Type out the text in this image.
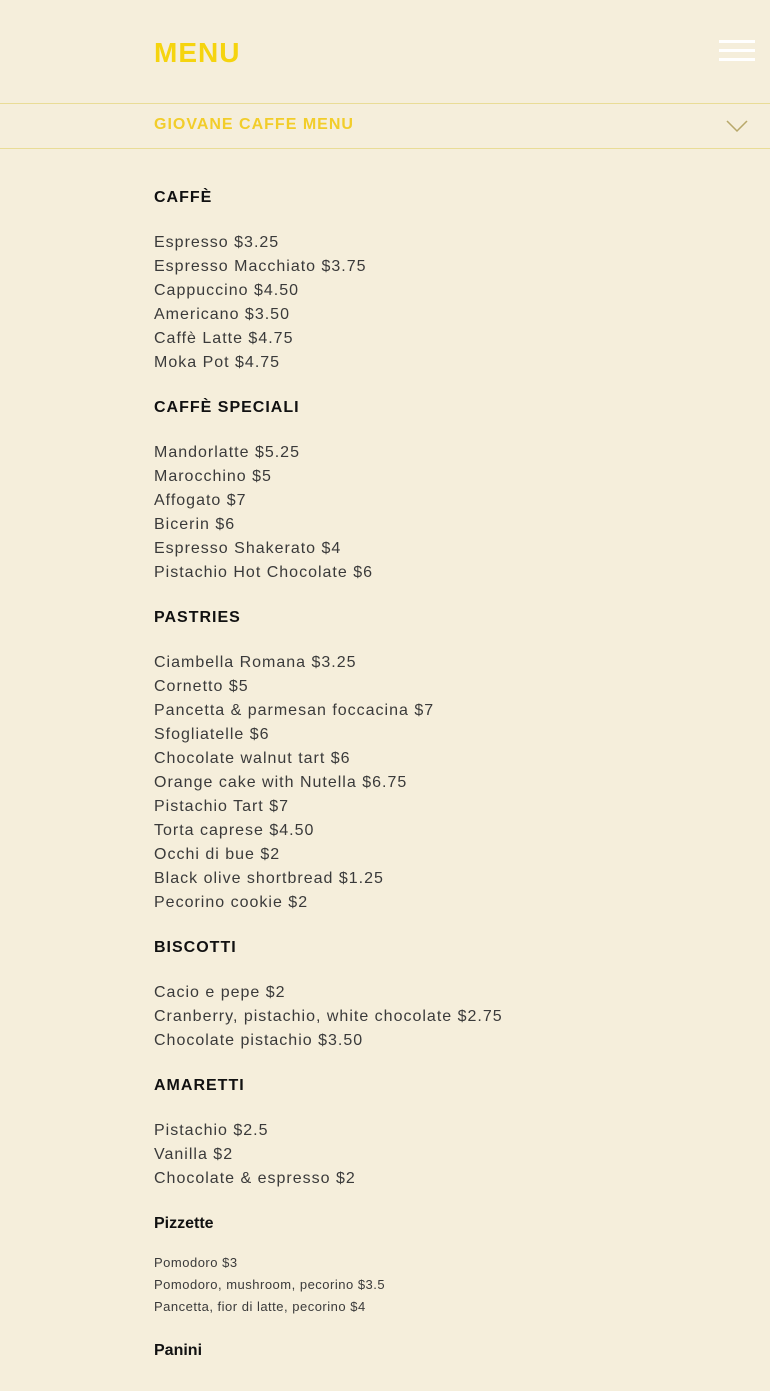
MENU
GIOVANE CAFFE MENU
CAFFÈ
Espresso $3.25
Espresso Macchiato $3.75
Cappuccino $4.50
Americano $3.50
Caffè Latte $4.75
Moka Pot $4.75
CAFFÈ SPECIALI
Mandorlatte $5.25
Marocchino $5
Affogato $7
Bicerin $6
Espresso Shakerato $4
Pistachio Hot Chocolate $6
PASTRIES
Ciambella Romana $3.25
Cornetto $5
Pancetta & parmesan foccacina $7
Sfogliatelle $6
Chocolate walnut tart $6
Orange cake with Nutella $6.75
Pistachio Tart $7
Torta caprese $4.50
Occhi di bue $2
Black olive shortbread $1.25
Pecorino cookie $2
BISCOTTI
Cacio e pepe $2
Cranberry, pistachio, white chocolate $2.75
Chocolate pistachio $3.50
AMARETTI
Pistachio $2.5
Vanilla $2
Chocolate & espresso $2
Pizzette
Pomodoro $3
Pomodoro, mushroom, pecorino $3.5
Pancetta, fior di latte, pecorino $4
Panini
